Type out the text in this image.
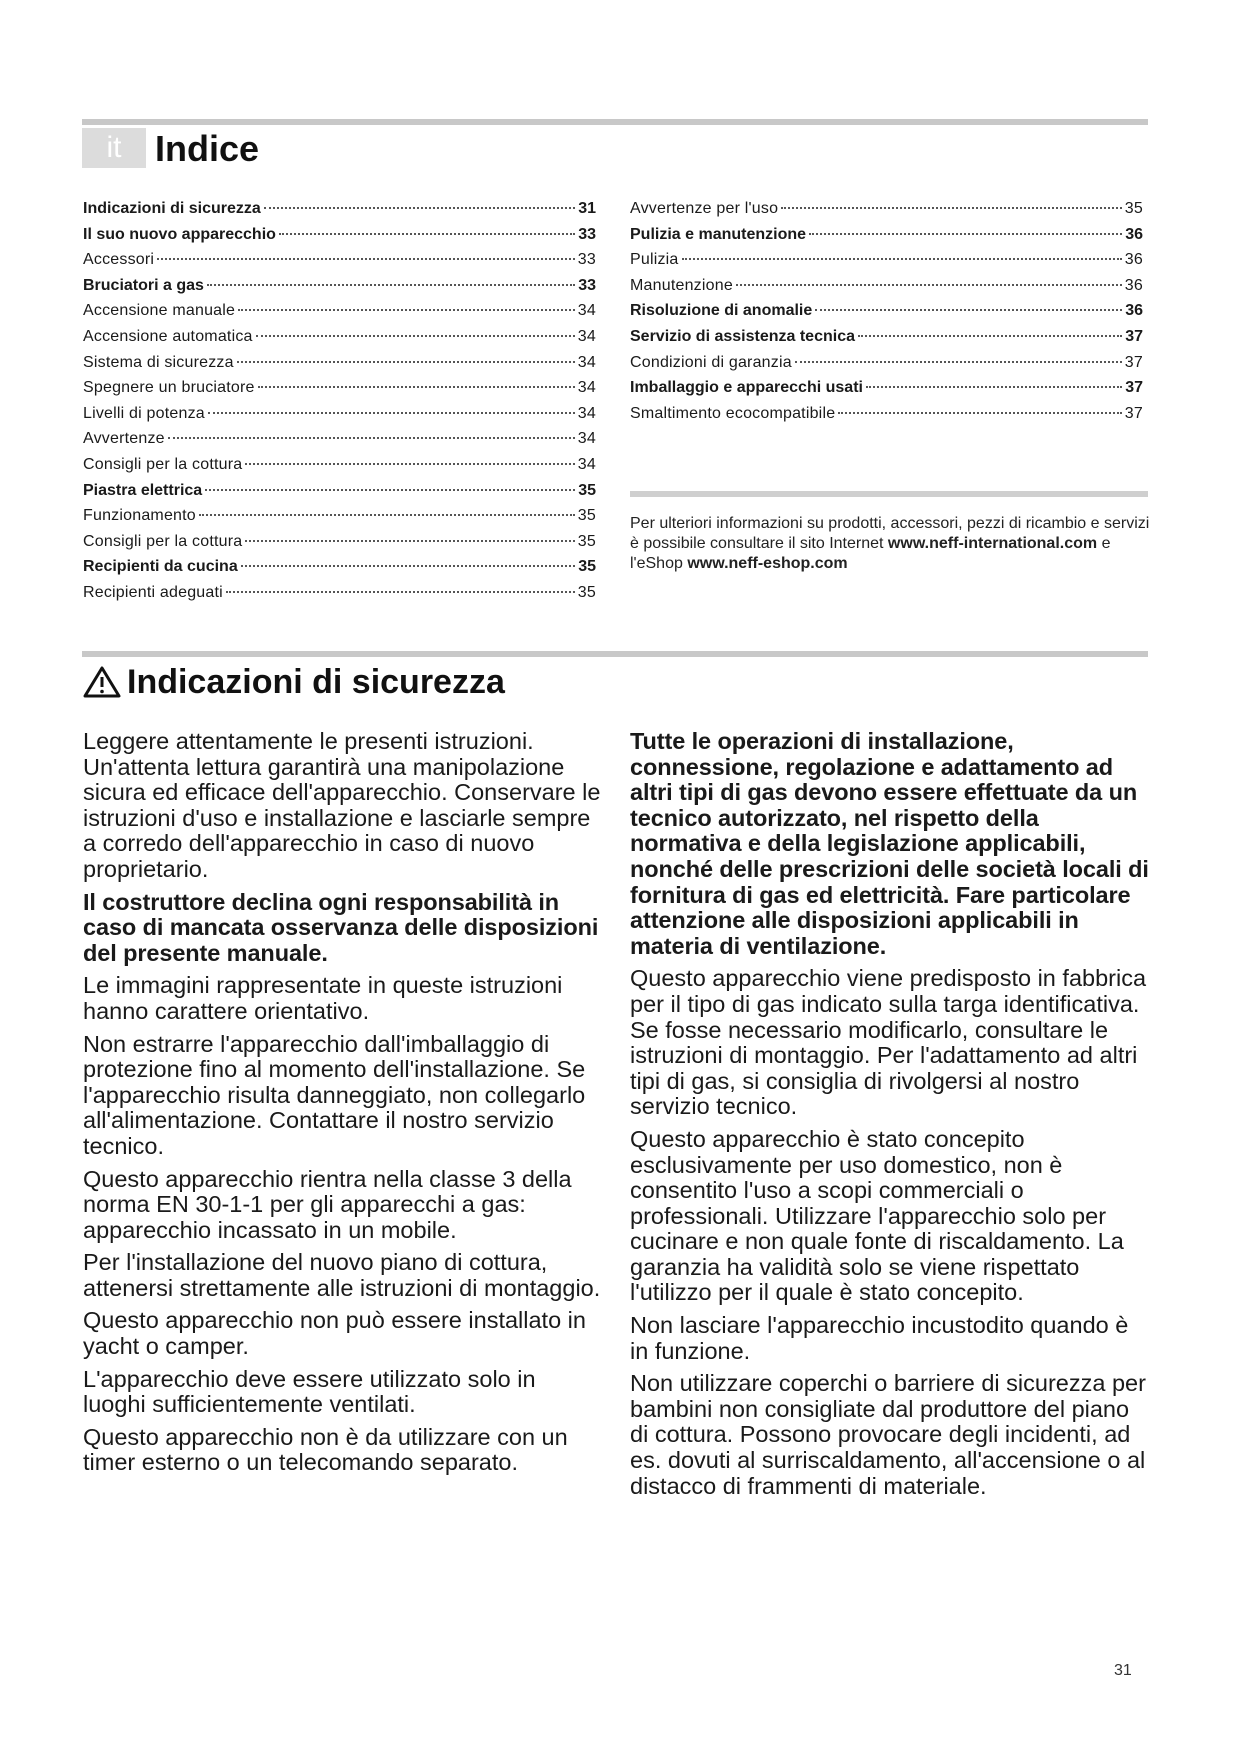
it Indice
Indicazioni di sicurezza	31
Il suo nuovo apparecchio	33
Accessori	33
Bruciatori a gas	33
Accensione manuale	34
Accensione automatica	34
Sistema di sicurezza	34
Spegnere un bruciatore	34
Livelli di potenza	34
Avvertenze	34
Consigli per la cottura	34
Piastra elettrica	35
Funzionamento	35
Consigli per la cottura	35
Recipienti da cucina	35
Recipienti adeguati	35
Avvertenze per l'uso	35
Pulizia e manutenzione	36
Pulizia	36
Manutenzione	36
Risoluzione di anomalie	36
Servizio di assistenza tecnica	37
Condizioni di garanzia	37
Imballaggio e apparecchi usati	37
Smaltimento ecocompatibile	37
Per ulteriori informazioni su prodotti, accessori, pezzi di ricambio e servizi è possibile consultare il sito Internet www.neff-international.com e l'eShop www.neff-eshop.com
Indicazioni di sicurezza

Leggere attentamente le presenti istruzioni. Un'attenta lettura garantirà una manipolazione sicura ed efficace dell'apparecchio. Conservare le istruzioni d'uso e installazione e lasciarle sempre a corredo dell'apparecchio in caso di nuovo proprietario.

Il costruttore declina ogni responsabilità in caso di mancata osservanza delle disposizioni del presente manuale.

Le immagini rappresentate in queste istruzioni hanno carattere orientativo.

Non estrarre l'apparecchio dall'imballaggio di protezione fino al momento dell'installazione. Se l'apparecchio risulta danneggiato, non collegarlo all'alimentazione. Contattare il nostro servizio tecnico.

Questo apparecchio rientra nella classe 3 della norma EN 30-1-1 per gli apparecchi a gas: apparecchio incassato in un mobile.

Per l'installazione del nuovo piano di cottura, attenersi strettamente alle istruzioni di montaggio.

Questo apparecchio non può essere installato in yacht o camper.

L'apparecchio deve essere utilizzato solo in luoghi sufficientemente ventilati.

Questo apparecchio non è da utilizzare con un timer esterno o un telecomando separato.

Tutte le operazioni di installazione, connessione, regolazione e adattamento ad altri tipi di gas devono essere effettuate da un tecnico autorizzato, nel rispetto della normativa e della legislazione applicabili, nonché delle prescrizioni delle società locali di fornitura di gas ed elettricità. Fare particolare attenzione alle disposizioni applicabili in materia di ventilazione.

Questo apparecchio viene predisposto in fabbrica per il tipo di gas indicato sulla targa identificativa. Se fosse necessario modificarlo, consultare le istruzioni di montaggio. Per l'adattamento ad altri tipi di gas, si consiglia di rivolgersi al nostro servizio tecnico.

Questo apparecchio è stato concepito esclusivamente per uso domestico, non è consentito l'uso a scopi commerciali o professionali. Utilizzare l'apparecchio solo per cucinare e non quale fonte di riscaldamento. La garanzia ha validità solo se viene rispettato l'utilizzo per il quale è stato concepito.

Non lasciare l'apparecchio incustodito quando è in funzione.

Non utilizzare coperchi o barriere di sicurezza per bambini non consigliate dal produttore del piano di cottura. Possono provocare degli incidenti, ad es. dovuti al surriscaldamento, all'accensione o al distacco di frammenti di materiale.

31
